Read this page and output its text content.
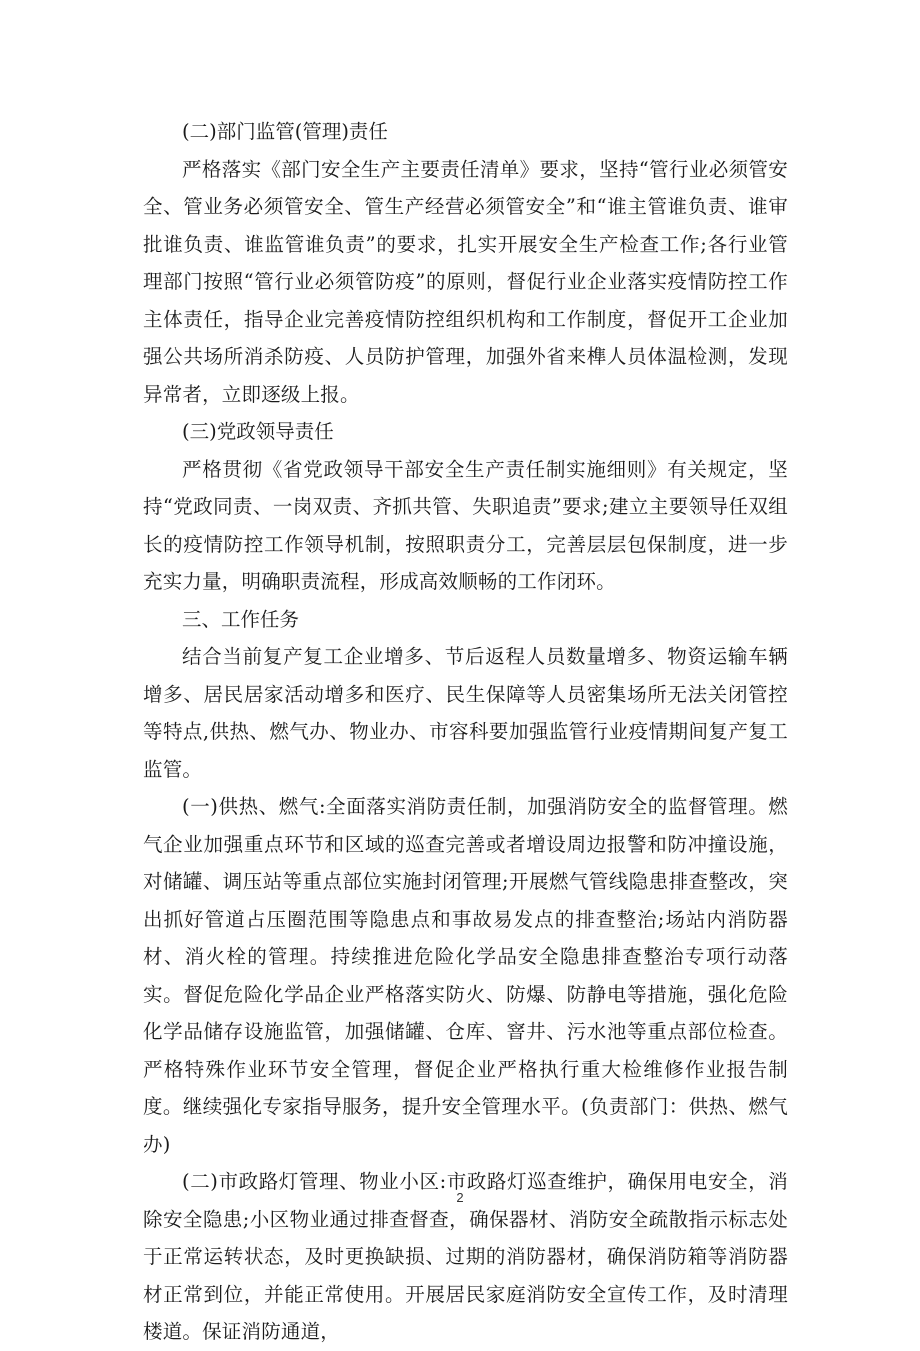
(二)部门监管(管理)责任

严格落实《部门安全生产主要责任清单》要求，坚持“管行业必须管安全、管业务必须管安全、管生产经营必须管安全”和“谁主管谁负责、谁审批谁负责、谁监管谁负责”的要求，扎实开展安全生产检查工作;各行业管理部门按照“管行业必须管防疫”的原则，督促行业企业落实疫情防控工作主体责任，指导企业完善疫情防控组织机构和工作制度，督促开工企业加强公共场所消杀防疫、人员防护管理，加强外省来榫人员体温检测，发现异常者，立即逐级上报。

(三)党政领导责任

严格贯彻《省党政领导干部安全生产责任制实施细则》有关规定，坚持“党政同责、一岗双责、齐抓共管、失职追责”要求;建立主要领导任双组长的疫情防控工作领导机制，按照职责分工，完善层层包保制度，进一步充实力量，明确职责流程，形成高效顺畅的工作闭环。

三、工作任务

结合当前复产复工企业增多、节后返程人员数量增多、物资运输车辆增多、居民居家活动增多和医疗、民生保障等人员密集场所无法关闭管控等特点,供热、燃气办、物业办、市容科要加强监管行业疫情期间复产复工监管。

(一)供热、燃气:全面落实消防责任制，加强消防安全的监督管理。燃气企业加强重点环节和区域的巡查完善或者增设周边报警和防冲撞设施，对储罐、调压站等重点部位实施封闭管理;开展燃气管线隐患排查整改，突出抓好管道占压圈范围等隐患点和事故易发点的排查整治;场站内消防器材、消火栓的管理。持续推进危险化学品安全隐患排查整治专项行动落实。督促危险化学品企业严格落实防火、防爆、防静电等措施，强化危险化学品储存设施监管，加强储罐、仓库、窨井、污水池等重点部位检查。严格特殊作业环节安全管理，督促企业严格执行重大检维修作业报告制度。继续强化专家指导服务，提升安全管理水平。(负责部门：供热、燃气办)

(二)市政路灯管理、物业小区:市政路灯巡查维护，确保用电安全，消除安全隐患;小区物业通过排查督查，确保器材、消防安全疏散指示标志处于正常运转状态，及时更换缺损、过期的消防器材，确保消防箱等消防器材正常到位，并能正常使用。开展居民家庭消防安全宣传工作，及时清理楼道。保证消防通道，

2
